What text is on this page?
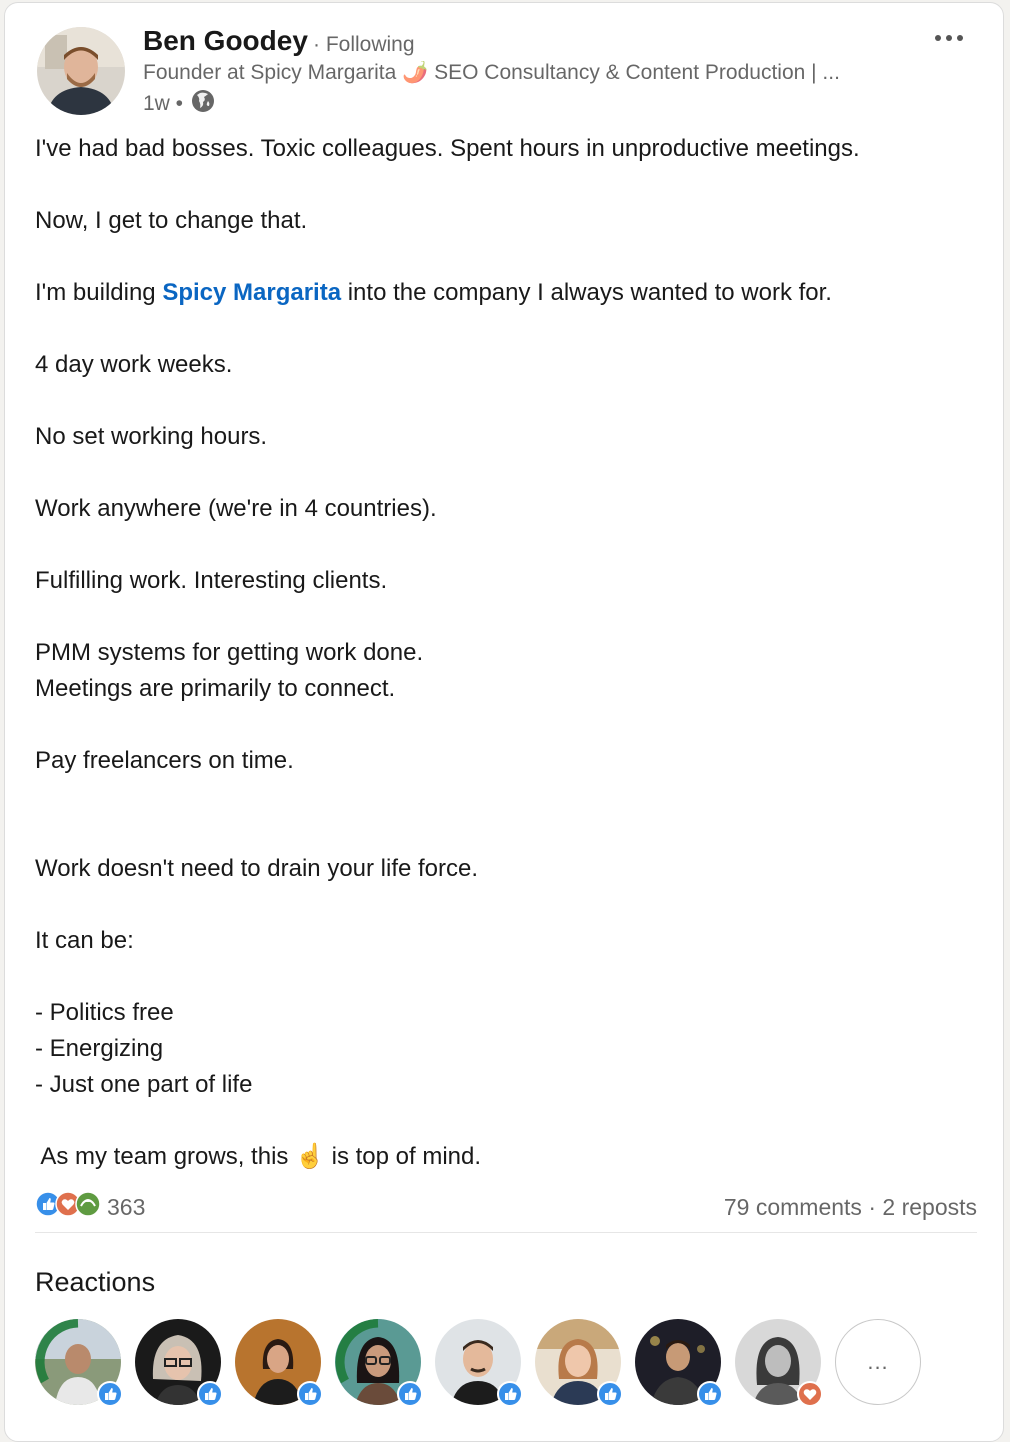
Ben Goodey · Following
Founder at Spicy Margarita 🌶️ SEO Consultancy & Content Production | ...
1w •

I've had bad bosses. Toxic colleagues. Spent hours in unproductive meetings.

Now, I get to change that.

I'm building Spicy Margarita into the company I always wanted to work for.

4 day work weeks.

No set working hours.

Work anywhere (we're in 4 countries).

Fulfilling work. Interesting clients.

PMM systems for getting work done.

Meetings are primarily to connect.

Pay freelancers on time.

Work doesn't need to drain your life force.

It can be:

- Politics free

- Energizing

- Just one part of life

As my team grows, this ☝️ is top of mind.

363	79 comments · 2 reposts
Reactions
...
